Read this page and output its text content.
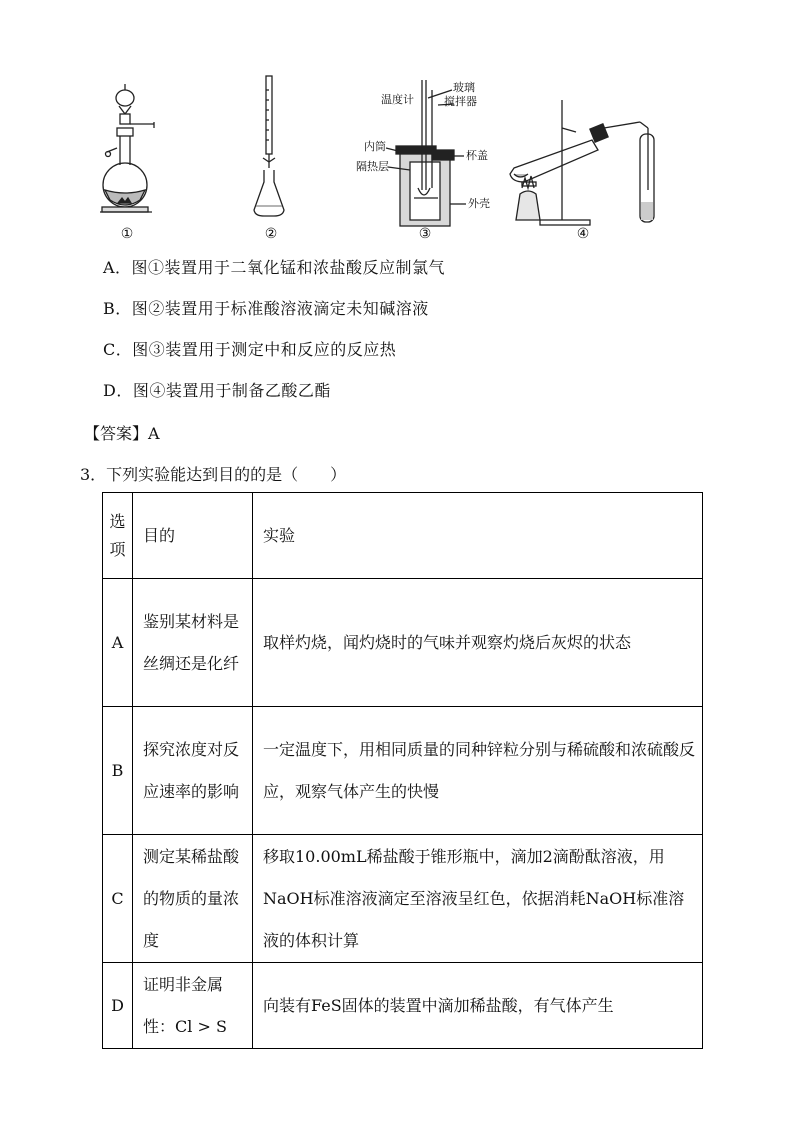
①	②	③	④
温度计
玻璃
搅拌器
内筒
隔热层
杯盖
外壳
A．图①装置用于二氧化锰和浓盐酸反应制氯气
B．图②装置用于标准酸溶液滴定未知碱溶液
C．图③装置用于测定中和反应的反应热
D．图④装置用于制备乙酸乙酯
【答案】A
3．下列实验能达到目的的是（　　）
选项	目的	实验
A	鉴别某材料是丝绸还是化纤	取样灼烧，闻灼烧时的气味并观察灼烧后灰烬的状态
B	探究浓度对反应速率的影响	一定温度下，用相同质量的同种锌粒分别与稀硫酸和浓硫酸反应，观察气体产生的快慢
C	测定某稀盐酸的物质的量浓度	移取10.00mL稀盐酸于锥形瓶中，滴加2滴酚酞溶液，用NaOH标准溶液滴定至溶液呈红色，依据消耗NaOH标准溶液的体积计算
D	证明非金属性：Cl > S	向装有FeS固体的装置中滴加稀盐酸，有气体产生
